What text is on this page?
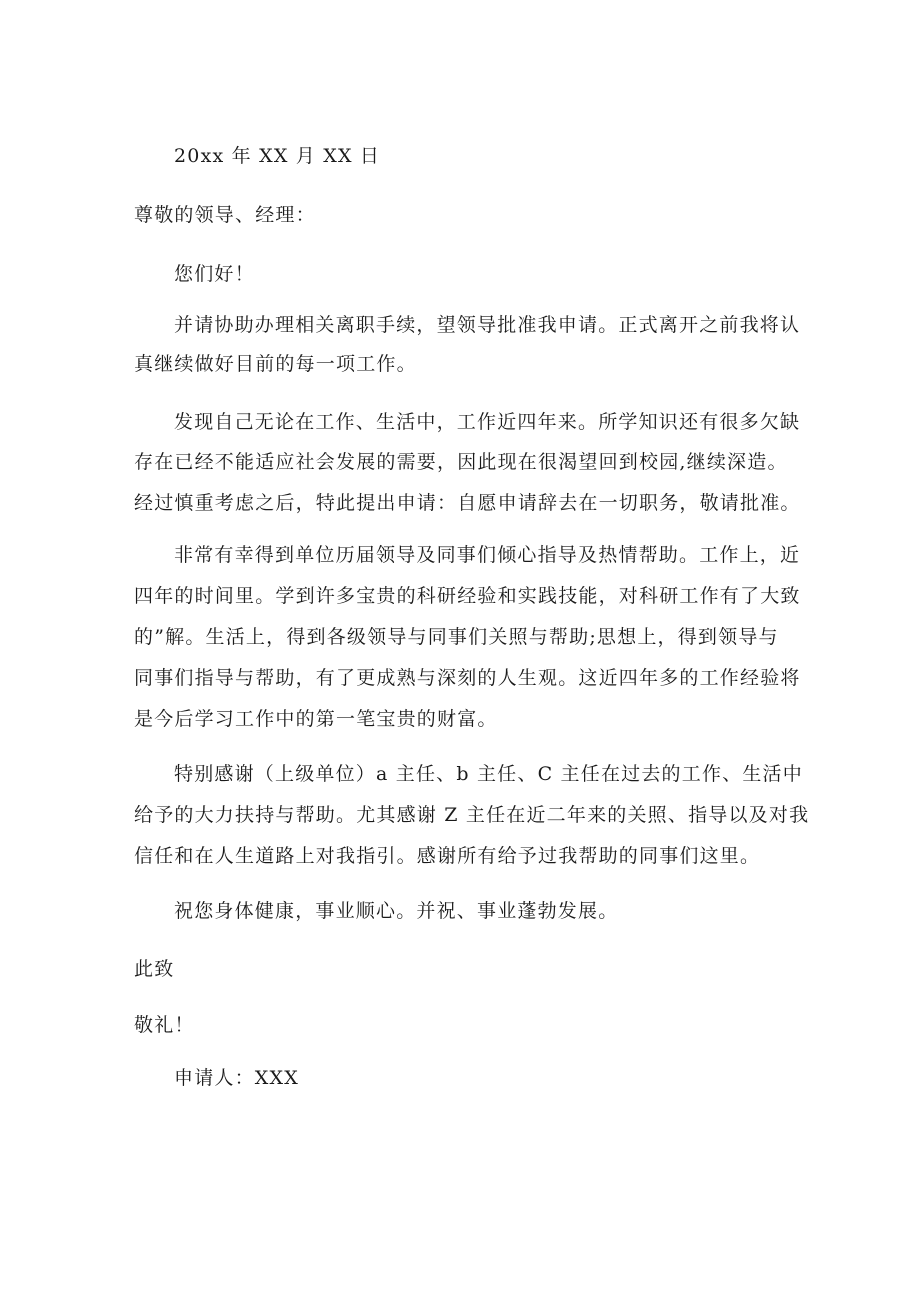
20xx 年 XX 月 XX 日
尊敬的领导、经理：
您们好！
并请协助办理相关离职手续，望领导批准我申请。正式离开之前我将认
真继续做好目前的每一项工作。
发现自己无论在工作、生活中，工作近四年来。所学知识还有很多欠缺
存在已经不能适应社会发展的需要，因此现在很渴望回到校园,继续深造。
经过慎重考虑之后，特此提出申请：自愿申请辞去在一切职务，敬请批准。
非常有幸得到单位历届领导及同事们倾心指导及热情帮助。工作上，近
四年的时间里。学到许多宝贵的科研经验和实践技能，对科研工作有了大致
的”解。生活上，得到各级领导与同事们关照与帮助;思想上，得到领导与
同事们指导与帮助，有了更成熟与深刻的人生观。这近四年多的工作经验将
是今后学习工作中的第一笔宝贵的财富。
特别感谢（上级单位）a 主任、b 主任、C 主任在过去的工作、生活中
给予的大力扶持与帮助。尤其感谢 Z 主任在近二年来的关照、指导以及对我
信任和在人生道路上对我指引。感谢所有给予过我帮助的同事们这里。
祝您身体健康，事业顺心。并祝、事业蓬勃发展。
此致
敬礼！
申请人：XXX
